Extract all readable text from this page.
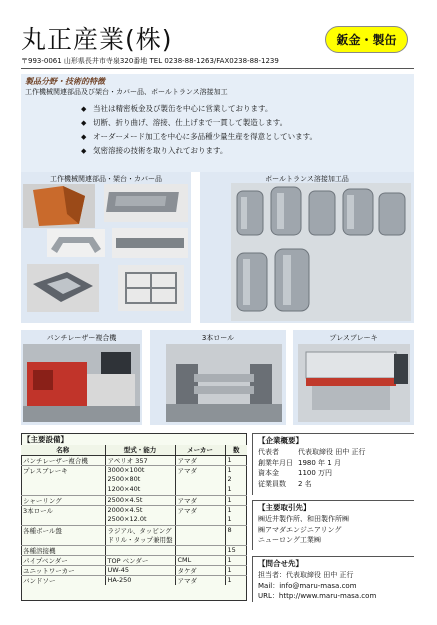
丸正産業(株)	鈑金・製缶
〒993-0061 山形県長井市寺泉320番地 TEL 0238-88-1263/FAX0238-88-1239
製品分野・技術的特徴
工作機械関連部品及び架台・カバー品、ボールトランス溶接加工
◆ 当社は精密板金及び製缶を中心に営業しております。
◆ 切断、折り曲げ、溶接、仕上げまで一貫して製造します。
◆ オーダーメード加工を中心に多品種少量生産を得意としています。
◆ 気密溶接の技術を取り入れております。
工作機械関連部品・架台・カバー品	ボールトランス溶接加工品
パンチレーザー複合機	3本ロール	プレスブレーキ
【主要設備】			
名称	型式・能力	メーカー	数
パンチレーザー複合機	アペリオ 357	アマダ	1
プレスブレーキ	3000×100t	アマダ	1
	2500×80t		2
	1200×40t		1
シャーリング	2500×4.5t	アマダ	1
3本ロール	2000×4.5t	アマダ	1
	2500×12.0t		1
各種ボール盤	ラジアル、タッピング		8
	ドリル・タップ兼用盤		
各種溶接機			15
パイプベンダー	TOP ベンダー	CML	1
ユニットワーカー	UW-45	タケダ	1
バンドソー	HA-250	アマダ	1
【企業概要】
代表者	代表取締役 田中 正行
創業年月日 1980 年 1 月
資本金	1100 万円
従業員数	2 名
【主要取引先】
㈱近井製作所、和田製作所㈱
㈱アマダエンジニアリング
ニューロング工業㈱
【問合せ先】
担当者：代表取締役 田中 正行
Mail：info@maru-masa.com
URL：http://www.maru-masa.com
